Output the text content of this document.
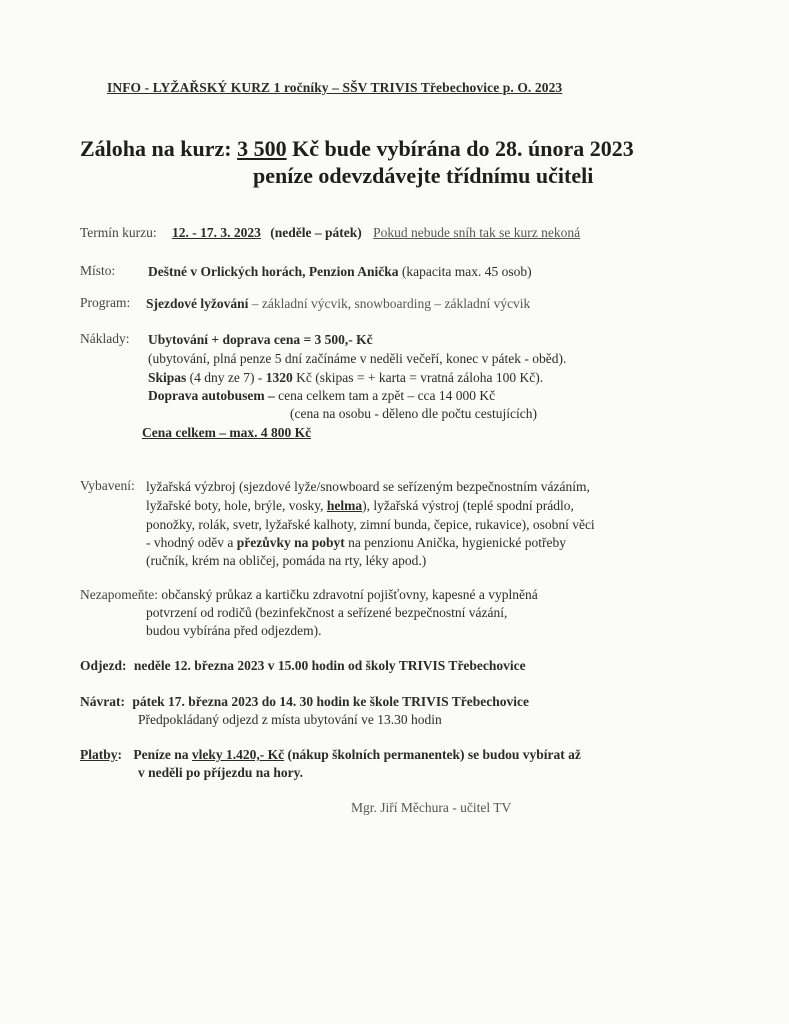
INFO - LYŽAŘSKÝ KURZ 1 ročníky – SŠV TRIVIS Třebechovice p. O. 2023
Záloha na kurz: 3 500 Kč bude vybírána do 28. února 2023
peníze odevzdávejte třídnímu učiteli
Termín kurzu: 12. - 17. 3. 2023 (neděle – pátek) Pokud nebude sníh tak se kurz nekoná
Místo: Deštné v Orlických horách, Penzion Anička (kapacita max. 45 osob)
Program: Sjezdové lyžování – základní výcvik, snowboarding – základní výcvik
Náklady: Ubytování + doprava cena = 3 500,- Kč
(ubytování, plná penze 5 dní začínáme v neděli večeří, konec v pátek - oběd).
Skipas (4 dny ze 7) - 1320 Kč (skipas = + karta = vratná záloha 100 Kč).
Doprava autobusem – cena celkem tam a zpět – cca 14 000 Kč
(cena na osobu - děleno dle počtu cestujících)
Cena celkem – max. 4 800 Kč
Vybavení: lyžařská výzbroj (sjezdové lyže/snowboard se seřízeným bezpečnostním vázáním,
lyžařské boty, hole, brýle, vosky, helma), lyžařská výstroj (teplé spodní prádlo,
ponožky, rolák, svetr, lyžařské kalhoty, zimní bunda, čepice, rukavice), osobní věci
- vhodný oděv a přezůvky na pobyt na penzionu Anička, hygienické potřeby
(ručník, krém na obličej, pomáda na rty, léky apod.)
Nezapomeňte: občanský průkaz a kartičku zdravotní pojišťovny, kapesné a vyplněná
potvrzení od rodičů (bezinfekčnost a seřízené bezpečnostní vázání,
budou vybírána před odjezdem).
Odjezd: neděle 12. března 2023 v 15.00 hodin od školy TRIVIS Třebechovice
Návrat: pátek 17. března 2023 do 14. 30 hodin ke škole TRIVIS Třebechovice
Předpokládaný odjezd z místa ubytování ve 13.30 hodin
Platby: Peníze na vleky 1.420,- Kč (nákup školních permanentek) se budou vybírat až
v neděli po příjezdu na hory.
Mgr. Jiří Měchura - učitel TV
